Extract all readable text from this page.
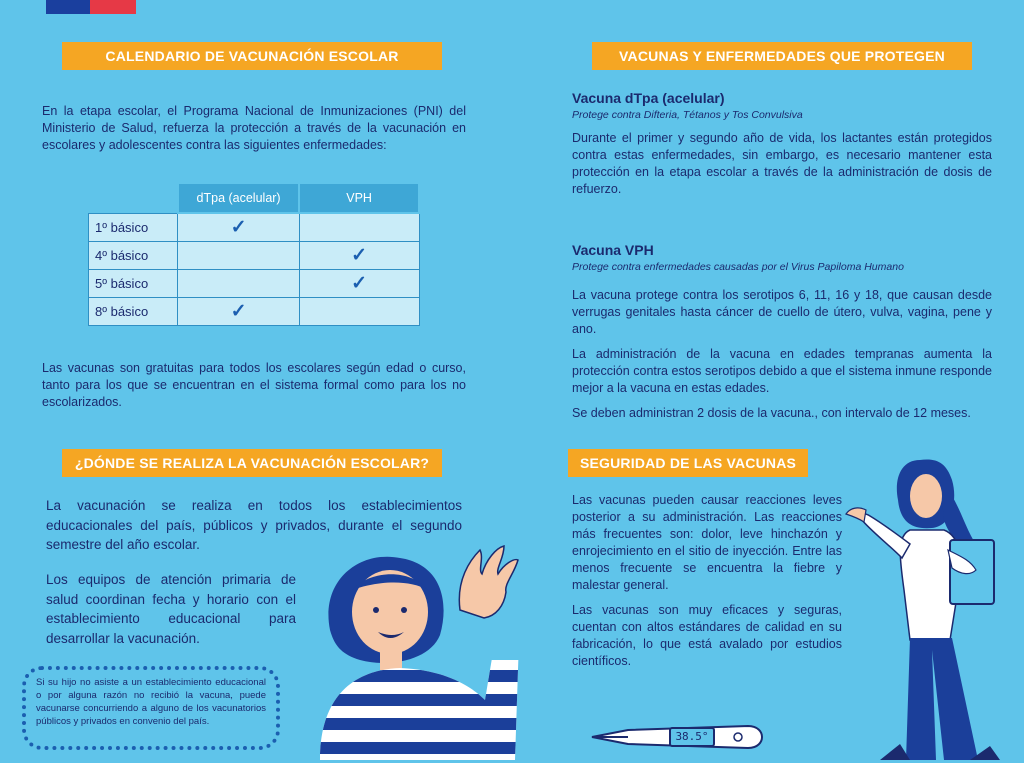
CALENDARIO DE VACUNACIÓN ESCOLAR
En la etapa escolar, el Programa Nacional de Inmunizaciones (PNI) del Ministerio de Salud, refuerza la protección a través de la vacunación en escolares y adolescentes contra las siguientes enfermedades:
	dTpa (acelular)	VPH
1º básico	✓	
4º básico		✓
5º básico		✓
8º básico	✓	
Las vacunas son gratuitas para todos los escolares según edad o curso, tanto para los que se encuentran en el sistema formal como para los no escolarizados.
¿DÓNDE SE REALIZA LA VACUNACIÓN ESCOLAR?
La vacunación se realiza en todos los establecimientos educacionales del país, públicos y privados, durante el segundo semestre del año escolar.
Los equipos de atención primaria de salud coordinan fecha y horario con el establecimiento educacional para desarrollar la vacunación.
Si su hijo no asiste a un establecimiento educacional o por alguna razón no recibió la vacuna, puede vacunarse concurriendo a alguno de los vacunatorios públicos y privados en convenio del país.
VACUNAS Y ENFERMEDADES QUE PROTEGEN
Vacuna dTpa (acelular)
Protege contra Difteria, Tétanos y Tos Convulsiva
Durante el primer y segundo año de vida, los lactantes están protegidos contra estas enfermedades, sin embargo, es necesario mantener esta protección en la etapa escolar a través de la administración de dosis de refuerzo.
Vacuna VPH
Protege contra enfermedades causadas por el Virus Papiloma Humano
La vacuna protege contra los serotipos 6, 11, 16 y 18, que causan desde verrugas genitales hasta cáncer de cuello de útero, vulva, vagina, pene y ano.
La administración de la vacuna en edades tempranas aumenta la protección contra estos serotipos debido a que el sistema inmune responde mejor a la vacuna en estas edades.
Se deben administran 2 dosis de la vacuna., con intervalo de 12 meses.
SEGURIDAD DE LAS VACUNAS
Las vacunas pueden causar reacciones leves posterior a su administración. Las reacciones más frecuentes son: dolor, leve hinchazón y enrojecimiento en el sitio de inyección. Entre las menos frecuente se encuentra la fiebre y malestar general.
Las vacunas son muy eficaces y seguras, cuentan con altos estándares de calidad en su fabricación, lo que está avalado por estudios científicos.
38.5°
